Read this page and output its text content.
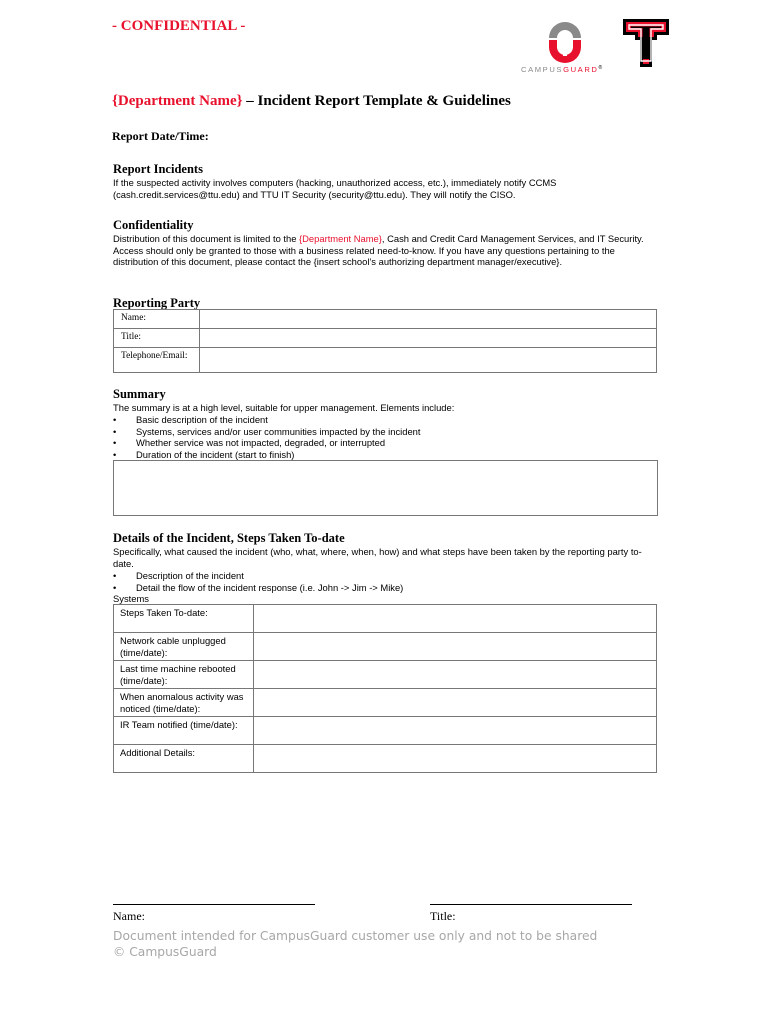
- CONFIDENTIAL -
CAMPUSGUARD®
{Department Name} – Incident Report Template & Guidelines
Report Date/Time:
Report Incidents
If the suspected activity involves computers (hacking, unauthorized access, etc.), immediately notify CCMS (cash.credit.services@ttu.edu) and TTU IT Security (security@ttu.edu). They will notify the CISO.
Confidentiality
Distribution of this document is limited to the {Department Name}, Cash and Credit Card Management Services, and IT Security. Access should only be granted to those with a business related need-to-know. If you have any questions pertaining to the distribution of this document, please contact the {insert school’s authorizing department manager/executive}.
Reporting Party
Name:	
Title:	
Telephone/Email:	
Summary
The summary is at a high level, suitable for upper management. Elements include:
• Basic description of the incident
• Systems, services and/or user communities impacted by the incident
• Whether service was not impacted, degraded, or interrupted
• Duration of the incident (start to finish)
Details of the Incident, Steps Taken To-date
Specifically, what caused the incident (who, what, where, when, how) and what steps have been taken by the reporting party to-date.
• Description of the incident
• Detail the flow of the incident response (i.e. John -> Jim -> Mike)
Systems
Steps Taken To-date:	
Network cable unplugged (time/date):	
Last time machine rebooted (time/date):	
When anomalous activity was noticed (time/date):	
IR Team notified (time/date):	
Additional Details:	
Name:	Title:
Document intended for CampusGuard customer use only and not to be shared
© CampusGuard
